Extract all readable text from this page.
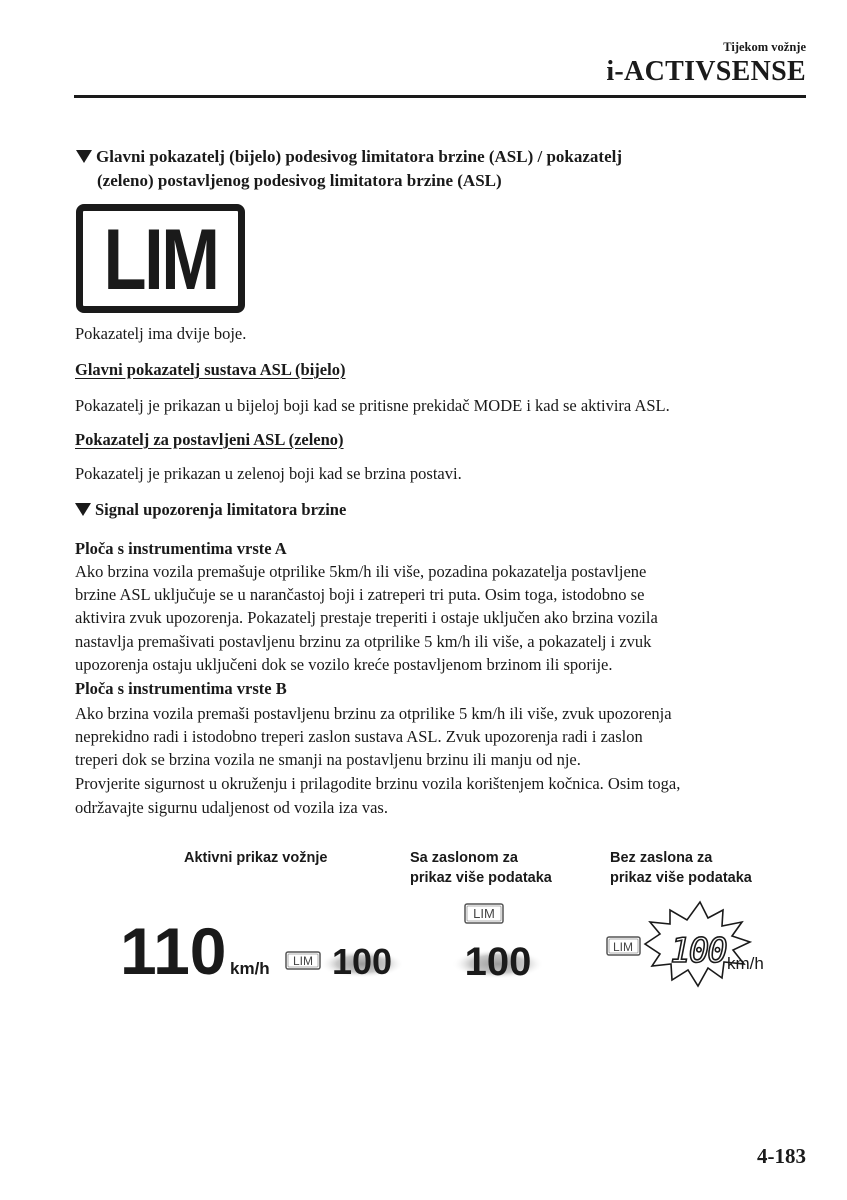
Tijekom vožnje
i-ACTIVSENSE
Glavni pokazatelj (bijelo) podesivog limitatora brzine (ASL) / pokazatelj
(zeleno) postavljenog podesivog limitatora brzine (ASL)
LIM
Pokazatelj ima dvije boje.
Glavni pokazatelj sustava ASL (bijelo)
Pokazatelj je prikazan u bijeloj boji kad se pritisne prekidač MODE i kad se aktivira ASL.
Pokazatelj za postavljeni ASL (zeleno)
Pokazatelj je prikazan u zelenoj boji kad se brzina postavi.
Signal upozorenja limitatora brzine
Ploča s instrumentima vrste A
Ako brzina vozila premašuje otprilike 5km/h ili više, pozadina pokazatelja postavljene
brzine ASL uključuje se u narančastoj boji i zatreperi tri puta. Osim toga, istodobno se
aktivira zvuk upozorenja. Pokazatelj prestaje treperiti i ostaje uključen ako brzina vozila
nastavlja premašivati postavljenu brzinu za otprilike 5 km/h ili više, a pokazatelj i zvuk
upozorenja ostaju uključeni dok se vozilo kreće postavljenom brzinom ili sporije.
Ploča s instrumentima vrste B
Ako brzina vozila premaši postavljenu brzinu za otprilike 5 km/h ili više, zvuk upozorenja
neprekidno radi i istodobno treperi zaslon sustava ASL. Zvuk upozorenja radi i zaslon
treperi dok se brzina vozila ne smanji na postavljenu brzinu ili manju od nje.
Provjerite sigurnost u okruženju i prilagodite brzinu vozila korištenjem kočnica. Osim toga,
održavajte sigurnu udaljenost od vozila iza vas.
Aktivni prikaz vožnje	Sa zaslonom za
prikaz više podataka
Bez zaslona za
prikaz više podataka
110 km/h LIM 100
LIM
100	LIM 100 km/h
4-183
